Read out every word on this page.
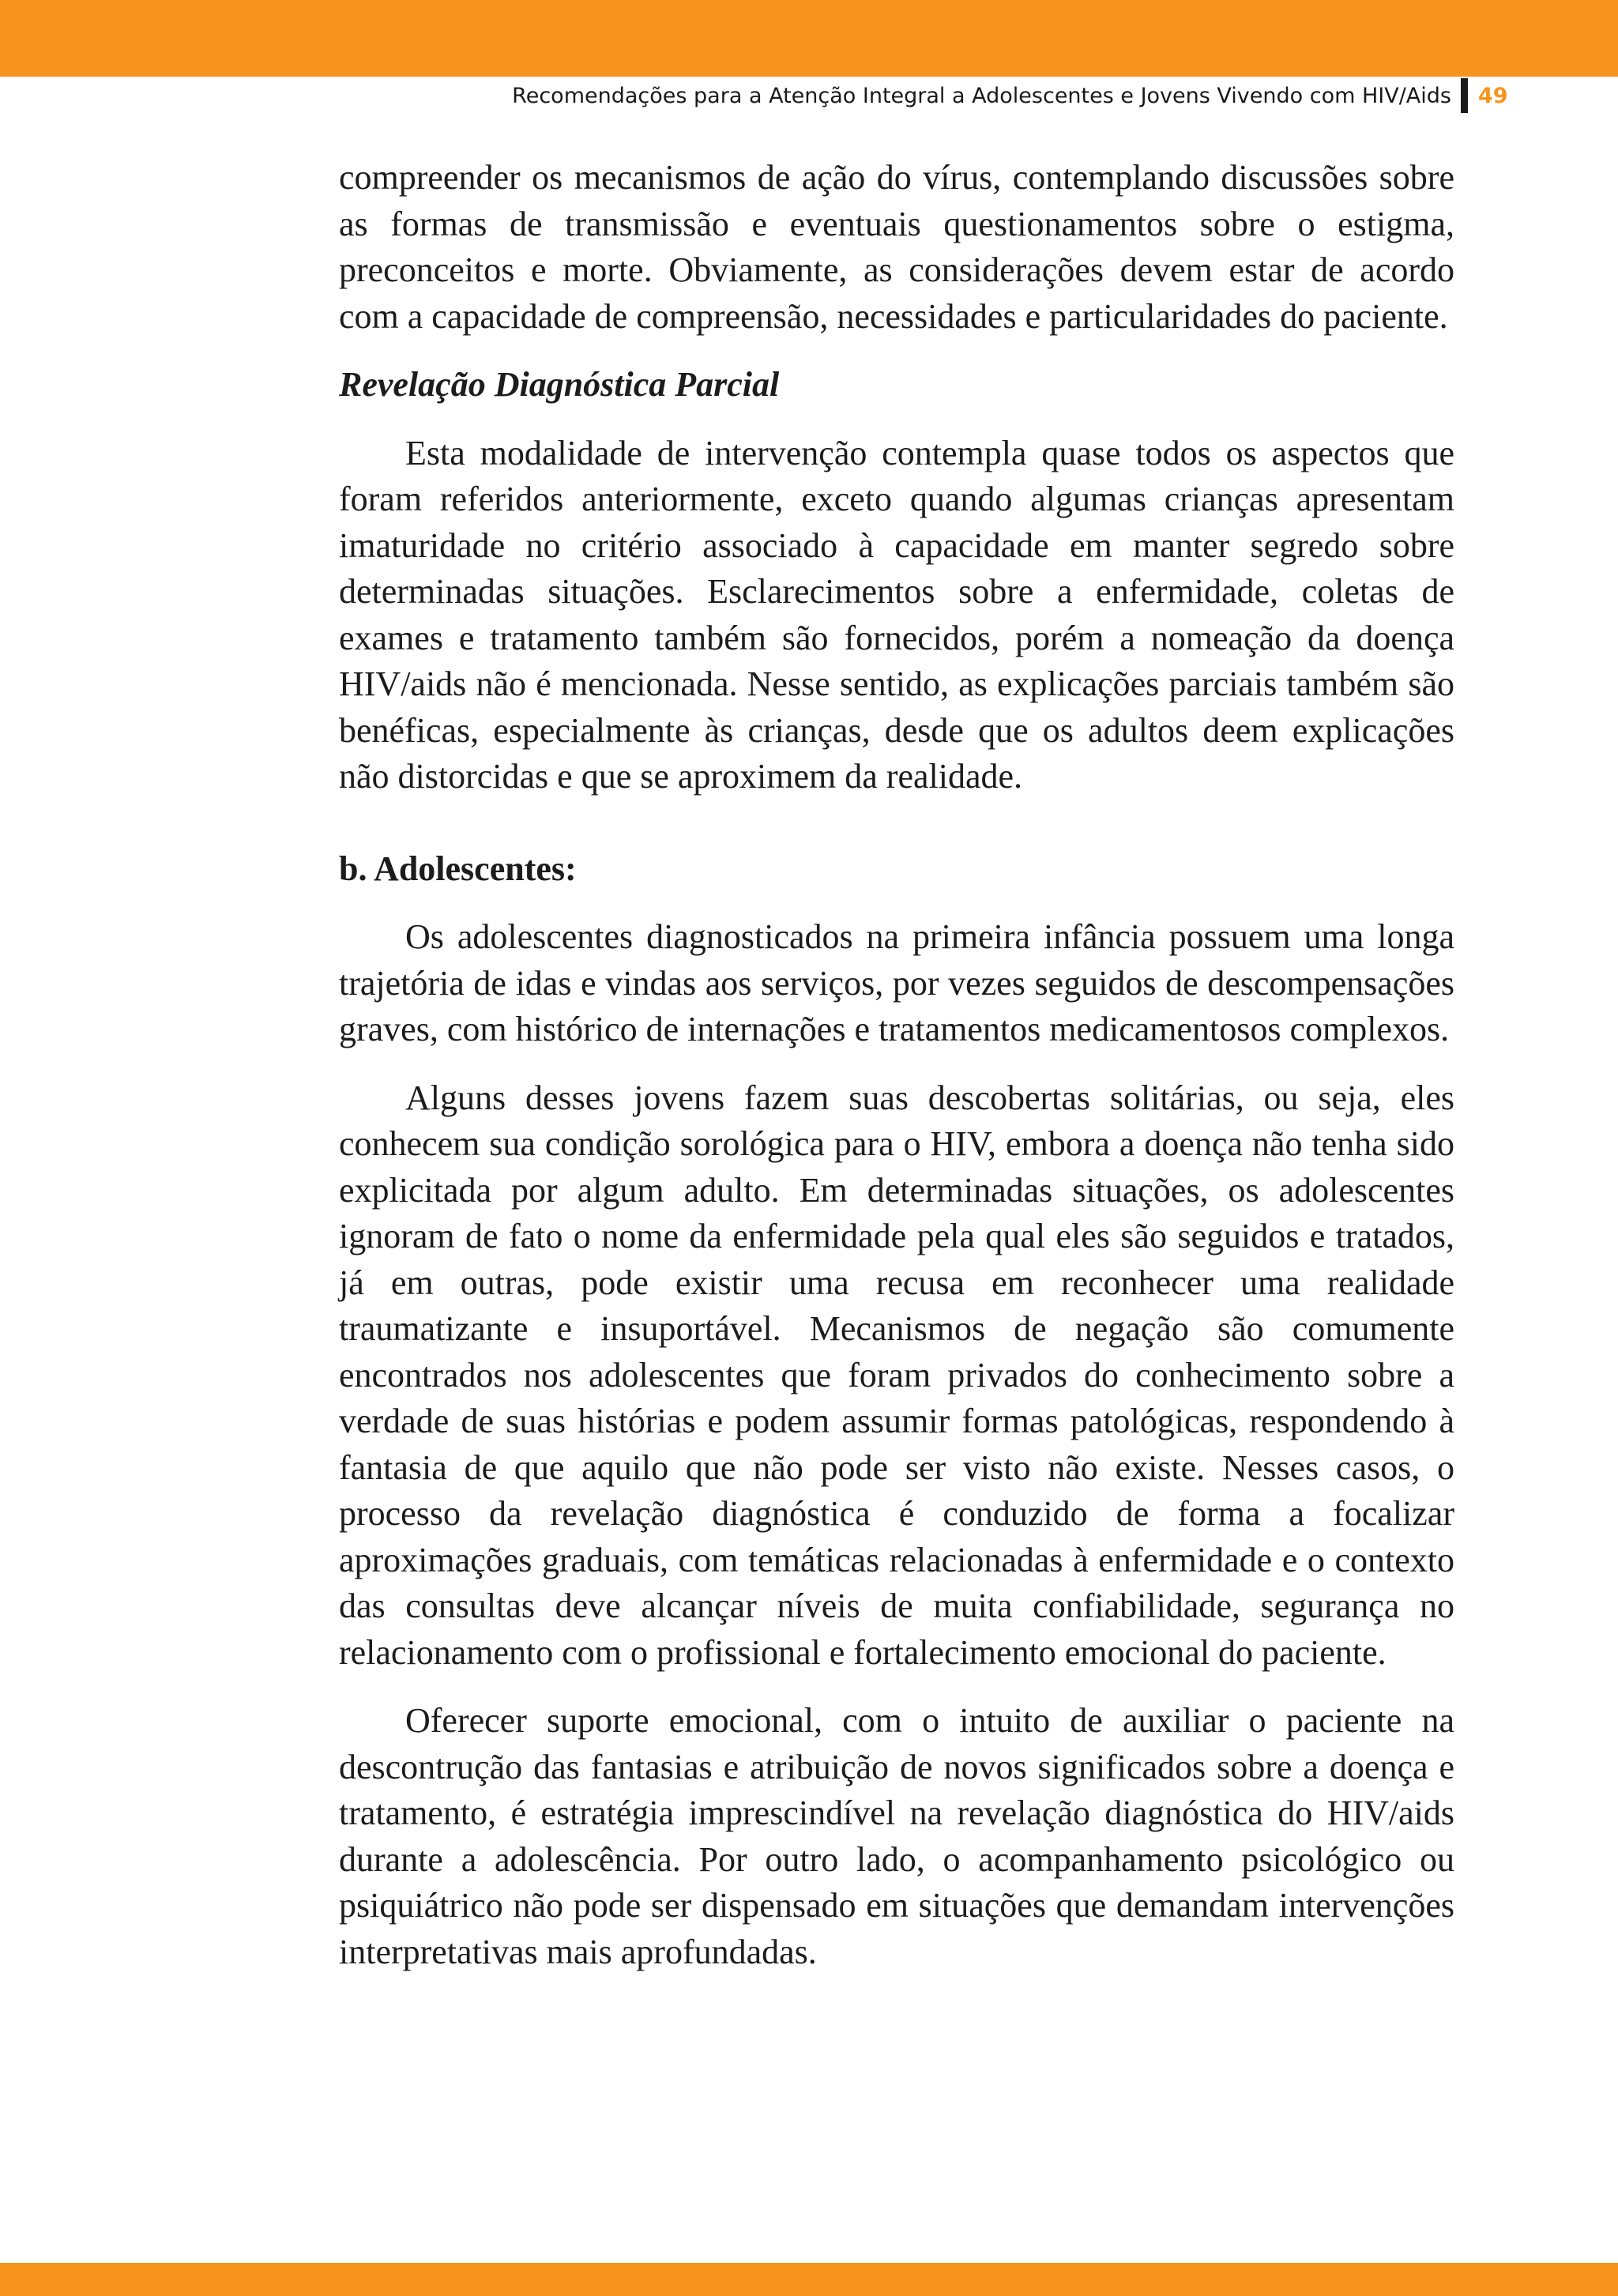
Recomendações para a Atenção Integral a Adolescentes e Jovens Vivendo com HIV/Aids 49

compreender os mecanismos de ação do vírus, contemplando discussões sobre as formas de transmissão e eventuais questionamentos sobre o estigma, preconceitos e morte. Obviamente, as considerações devem estar de acordo com a capacidade de compreensão, necessidades e particularidades do paciente.

Revelação Diagnóstica Parcial

Esta modalidade de intervenção contempla quase todos os aspectos que foram referidos anteriormente, exceto quando algumas crianças apresentam imaturidade no critério associado à capacidade em manter segredo sobre determinadas situações. Esclarecimentos sobre a enfermidade, coletas de exames e tratamento também são fornecidos, porém a nomeação da doença HIV/aids não é mencionada. Nesse sentido, as explicações parciais também são benéficas, especialmente às crianças, desde que os adultos deem explicações não distorcidas e que se aproximem da realidade.

b. Adolescentes:

Os adolescentes diagnosticados na primeira infância possuem uma longa trajetória de idas e vindas aos serviços, por vezes seguidos de descompensações graves, com histórico de internações e tratamentos medicamentosos complexos.

Alguns desses jovens fazem suas descobertas solitárias, ou seja, eles conhecem sua condição sorológica para o HIV, embora a doença não tenha sido explicitada por algum adulto. Em determinadas situações, os adolescentes ignoram de fato o nome da enfermidade pela qual eles são seguidos e tratados, já em outras, pode existir uma recusa em reconhecer uma realidade traumatizante e insuportável. Mecanismos de negação são comumente encontrados nos adolescentes que foram privados do conhecimento sobre a verdade de suas histórias e podem assumir formas patológicas, respondendo à fantasia de que aquilo que não pode ser visto não existe. Nesses casos, o processo da revelação diagnóstica é conduzido de forma a focalizar aproximações graduais, com temáticas relacionadas à enfermidade e o contexto das consultas deve alcançar níveis de muita confiabilidade, segurança no relacionamento com o profissional e fortalecimento emocional do paciente.

Oferecer suporte emocional, com o intuito de auxiliar o paciente na descontrução das fantasias e atribuição de novos significados sobre a doença e tratamento, é estratégia imprescindível na revelação diagnóstica do HIV/aids durante a adolescência. Por outro lado, o acompanhamento psicológico ou psiquiátrico não pode ser dispensado em situações que demandam intervenções interpretativas mais aprofundadas.
